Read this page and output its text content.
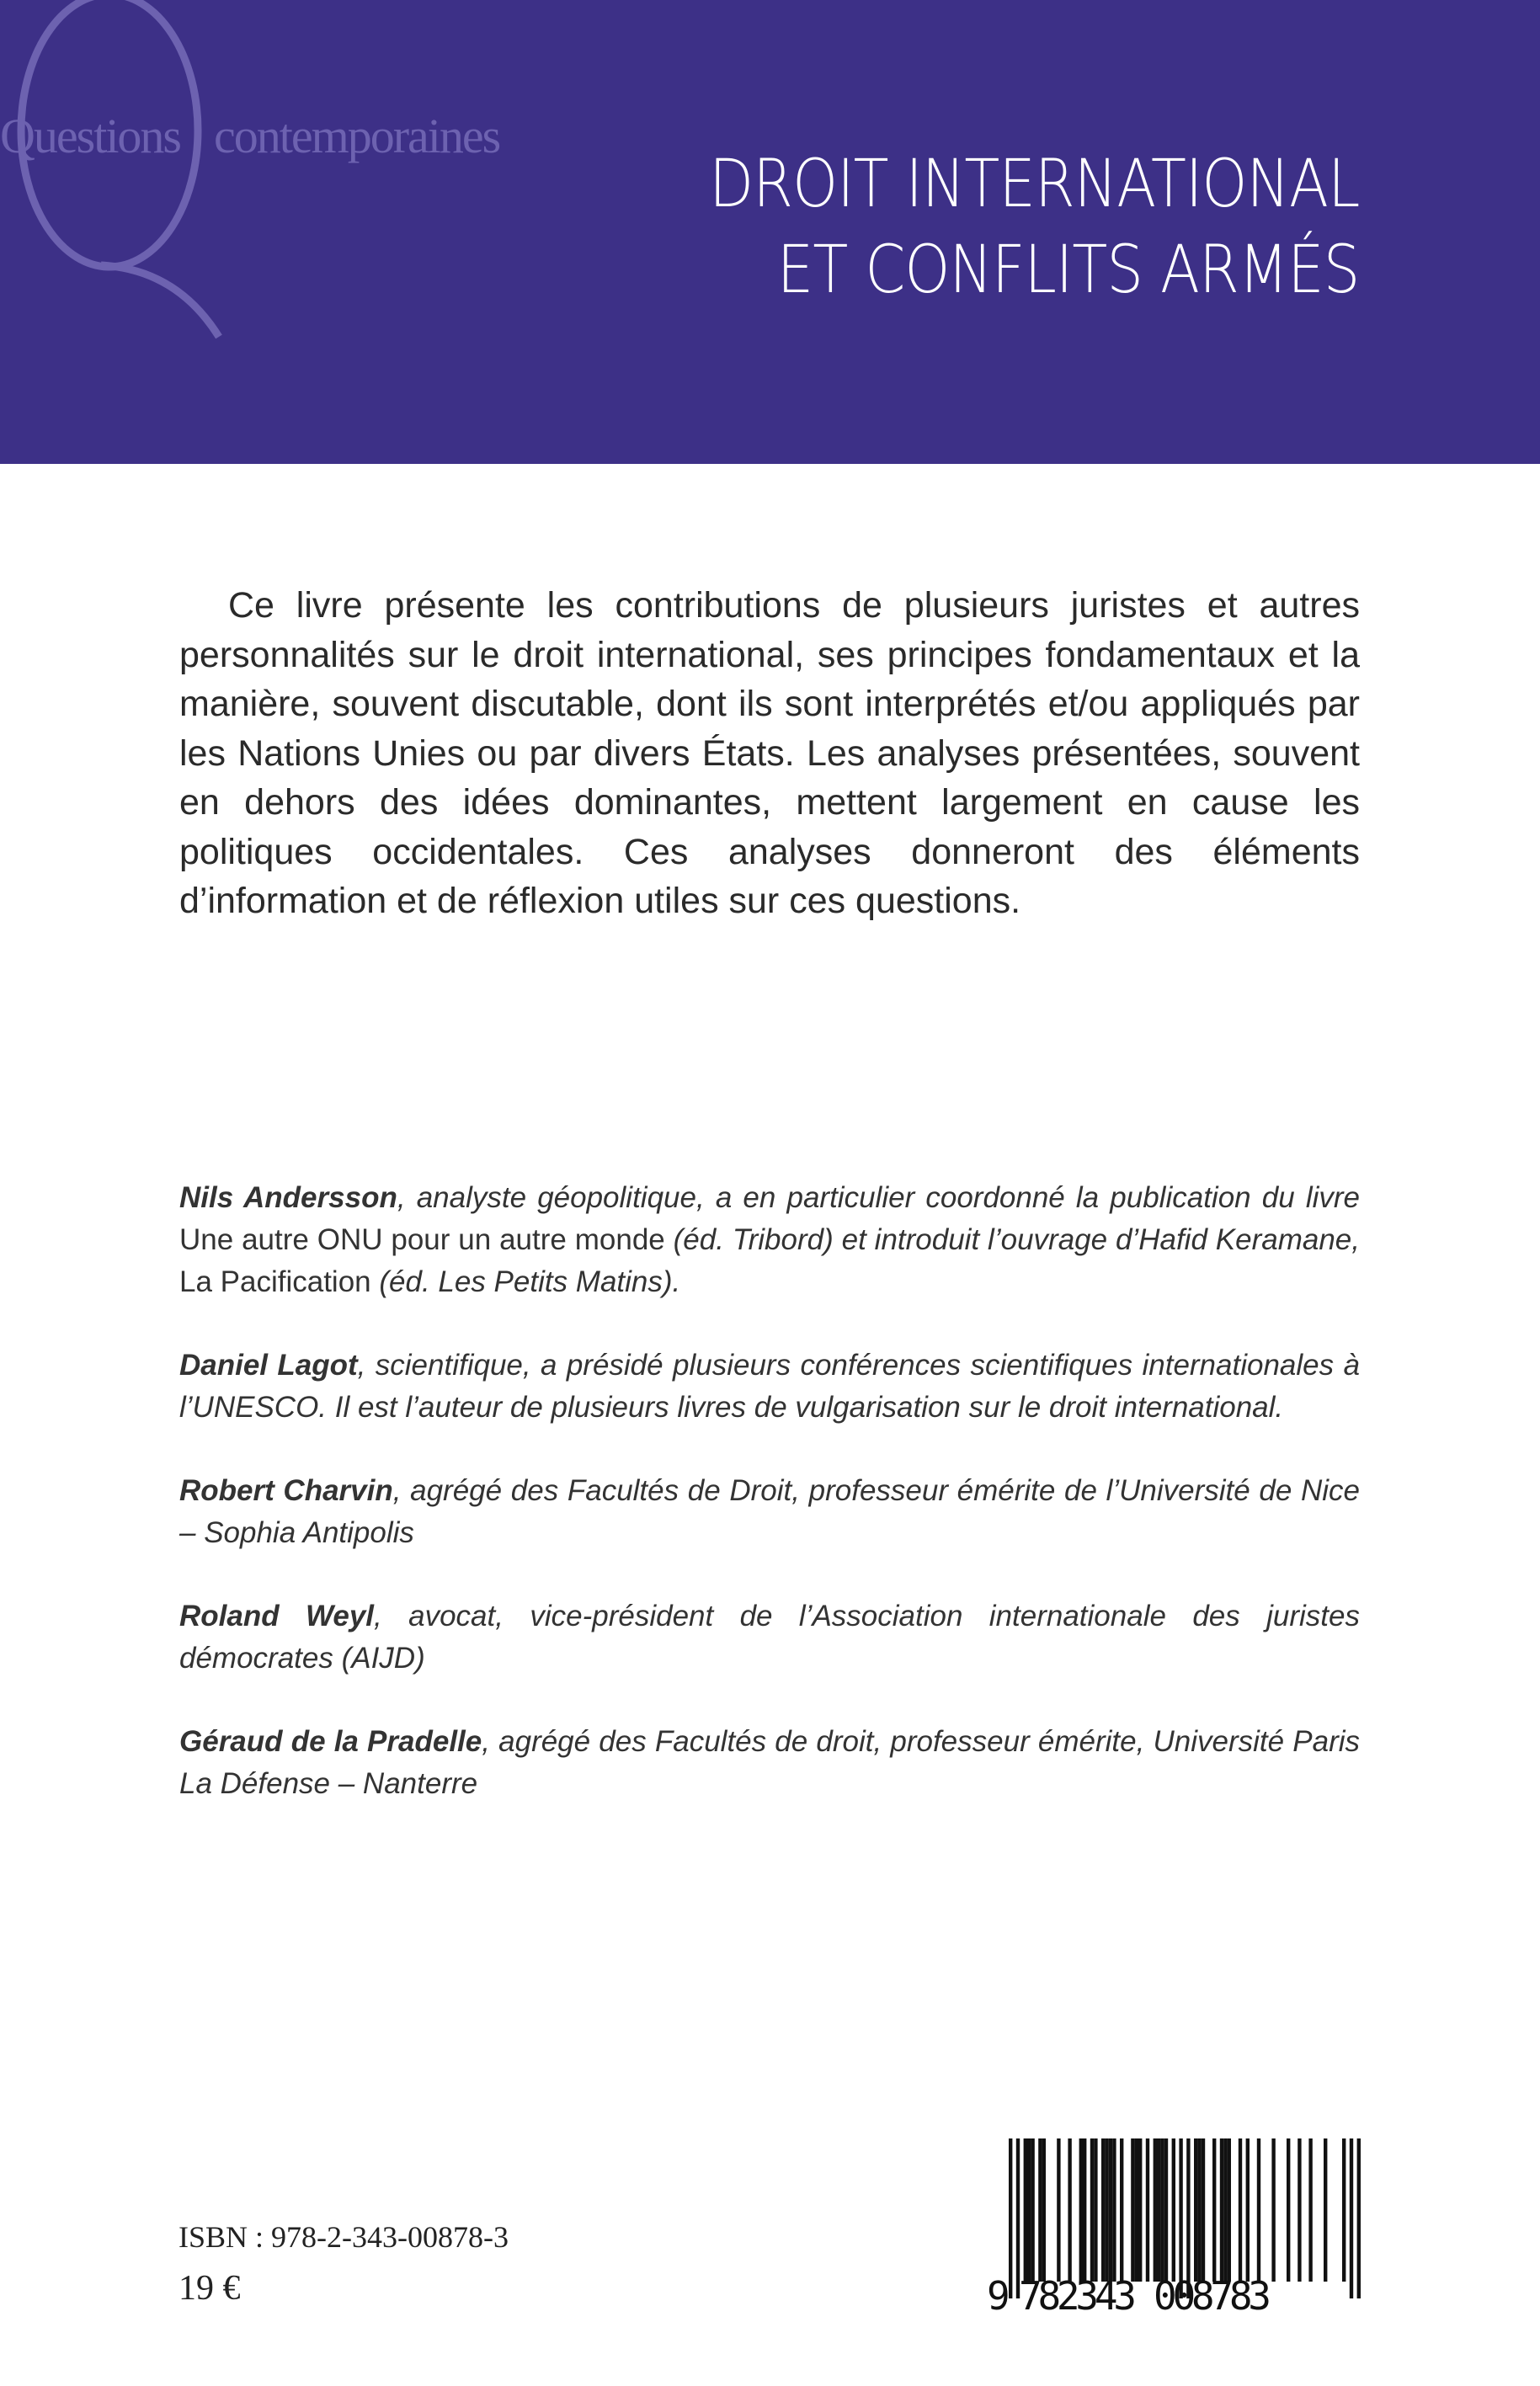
Questions contemporaines
DROIT INTERNATIONAL
ET CONFLITS ARMÉS
Ce livre présente les contributions de plusieurs juristes et autres personnalités sur le droit international, ses principes fondamentaux et la manière, souvent discutable, dont ils sont interprétés et/ou appliqués par les Nations Unies ou par divers États. Les analyses présentées, souvent en dehors des idées dominantes, mettent largement en cause les politiques occidentales. Ces analyses donneront des éléments d’information et de réflexion utiles sur ces questions.

Nils Andersson, analyste géopolitique, a en particulier coordonné la publication du livre Une autre ONU pour un autre monde (éd. Tribord) et introduit l’ouvrage d’Hafid Keramane, La Pacification (éd. Les Petits Matins).

Daniel Lagot, scientifique, a présidé plusieurs conférences scientifiques internationales à l’UNESCO. Il est l’auteur de plusieurs livres de vulgarisation sur le droit international.

Robert Charvin, agrégé des Facultés de Droit, professeur émérite de l’Université de Nice – Sophia Antipolis

Roland Weyl, avocat, vice-président de l’Association internationale des juristes démocrates (AIJD)

Géraud de la Pradelle, agrégé des Facultés de droit, professeur émérite, Université Paris La Défense – Nanterre

ISBN : 978-2-343-00878-3
19 €	9 782343 008783
